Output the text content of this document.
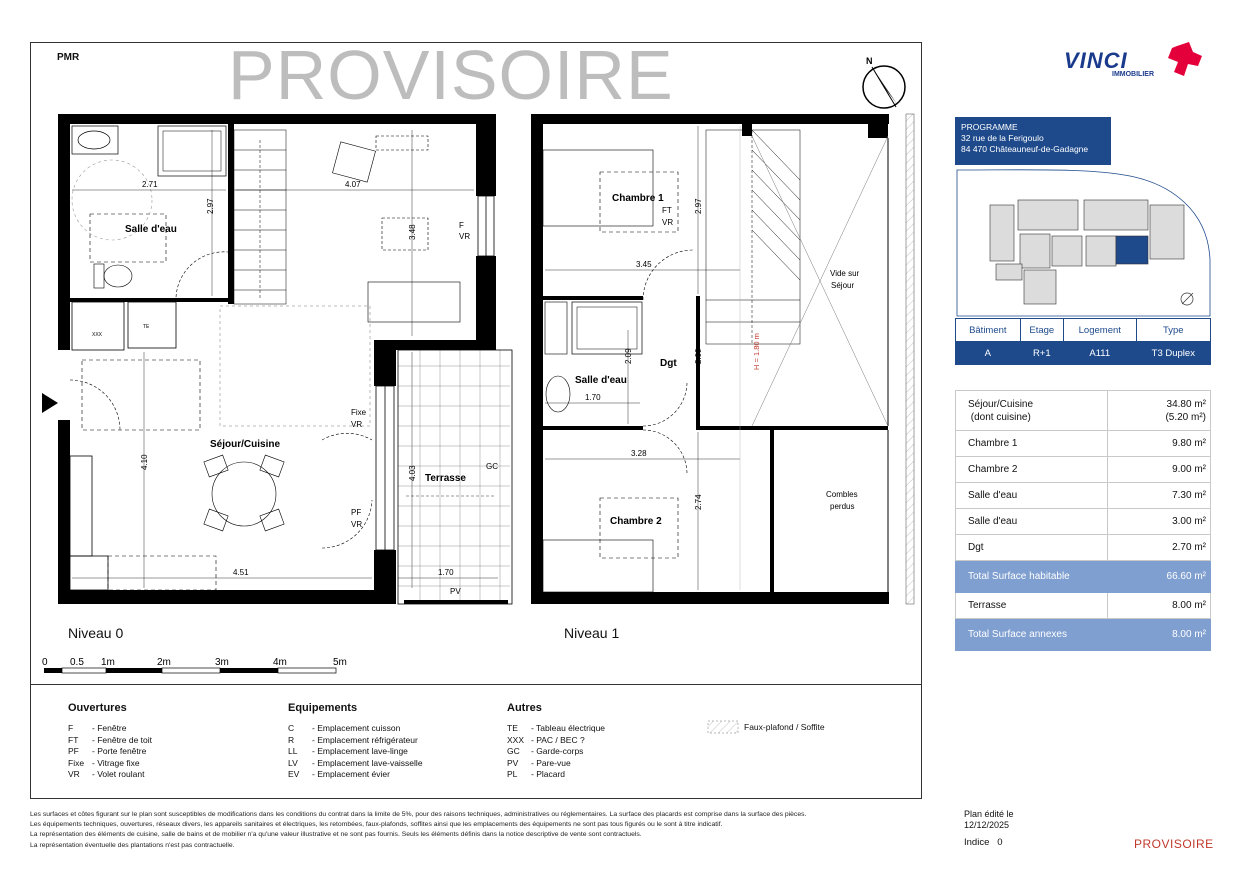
PMR PROVISOIRE	N
Salle d'eau
Séjour/Cuisine
Terrasse
2.71
2.97
4.07
3.48
4.10
4.51
4.03
1.70
F
VR
Fixe
VR
PF
VR
GC
PV
TE
XXX
Chambre 1
Chambre 2
Salle d'eau
Dgt
Vide sur
Séjour
Combles
perdus
FT
VR
2.97
3.45
2.09	2.09
1.70
3.28
2.74
H = 1.80 m
0 0.5 1m	2m	3m	4m	5m
Niveau 0	Niveau 1
Ouvertures
F - Fenêtre
FT - Fenêtre de toit
PF - Porte fenêtre
Fixe - Vitrage fixe
VR - Volet roulant
Equipements
C - Emplacement cuisson
R - Emplacement réfrigérateur
LL - Emplacement lave-linge
LV - Emplacement lave-vaisselle
EV - Emplacement évier
Autres
TE - Tableau électrique
XXX - PAC / BEC ?
GC - Garde-corps
PV - Pare-vue
PL - Placard
Faux-plafond / Soffite
Les surfaces et côtes figurant sur le plan sont susceptibles de modifications dans les conditions du contrat dans la limite de 5%, pour des raisons techniques, administratives ou réglementaires. La surface des placards est comprise dans la surface des pièces.
Les équipements techniques, ouvertures, réseaux divers, les appareils sanitaires et électriques, les retombées, faux-plafonds, soffites ainsi que les emplacements des équipements ne sont pas tous figurés ou le sont à titre indicatif.
La représentation des éléments de cuisine, salle de bains et de mobilier n'a qu'une valeur illustrative et ne sont pas fournis. Seuls les éléments définis dans la notice descriptive de vente sont contractuels.
La représentation éventuelle des plantations n'est pas contractuelle.
VINCI
IMMOBILIER
PROGRAMME
32 rue de la Ferigoulo
84 470 Châteauneuf-de-Gadagne
Bâtiment	Etage	Logement	Type
A	R+1	A111	T3 Duplex
Séjour/Cuisine
(dont cuisine)	34.80 m²
(5.20 m²)
Chambre 1	9.80 m²
Chambre 2	9.00 m²
Salle d'eau	7.30 m²
Salle d'eau	3.00 m²
Dgt	2.70 m²
Total Surface habitable	66.60 m²
Terrasse	8.00 m²
Total Surface annexes	8.00 m²
Plan édité le
12/12/2025
Indice 0	PROVISOIRE
